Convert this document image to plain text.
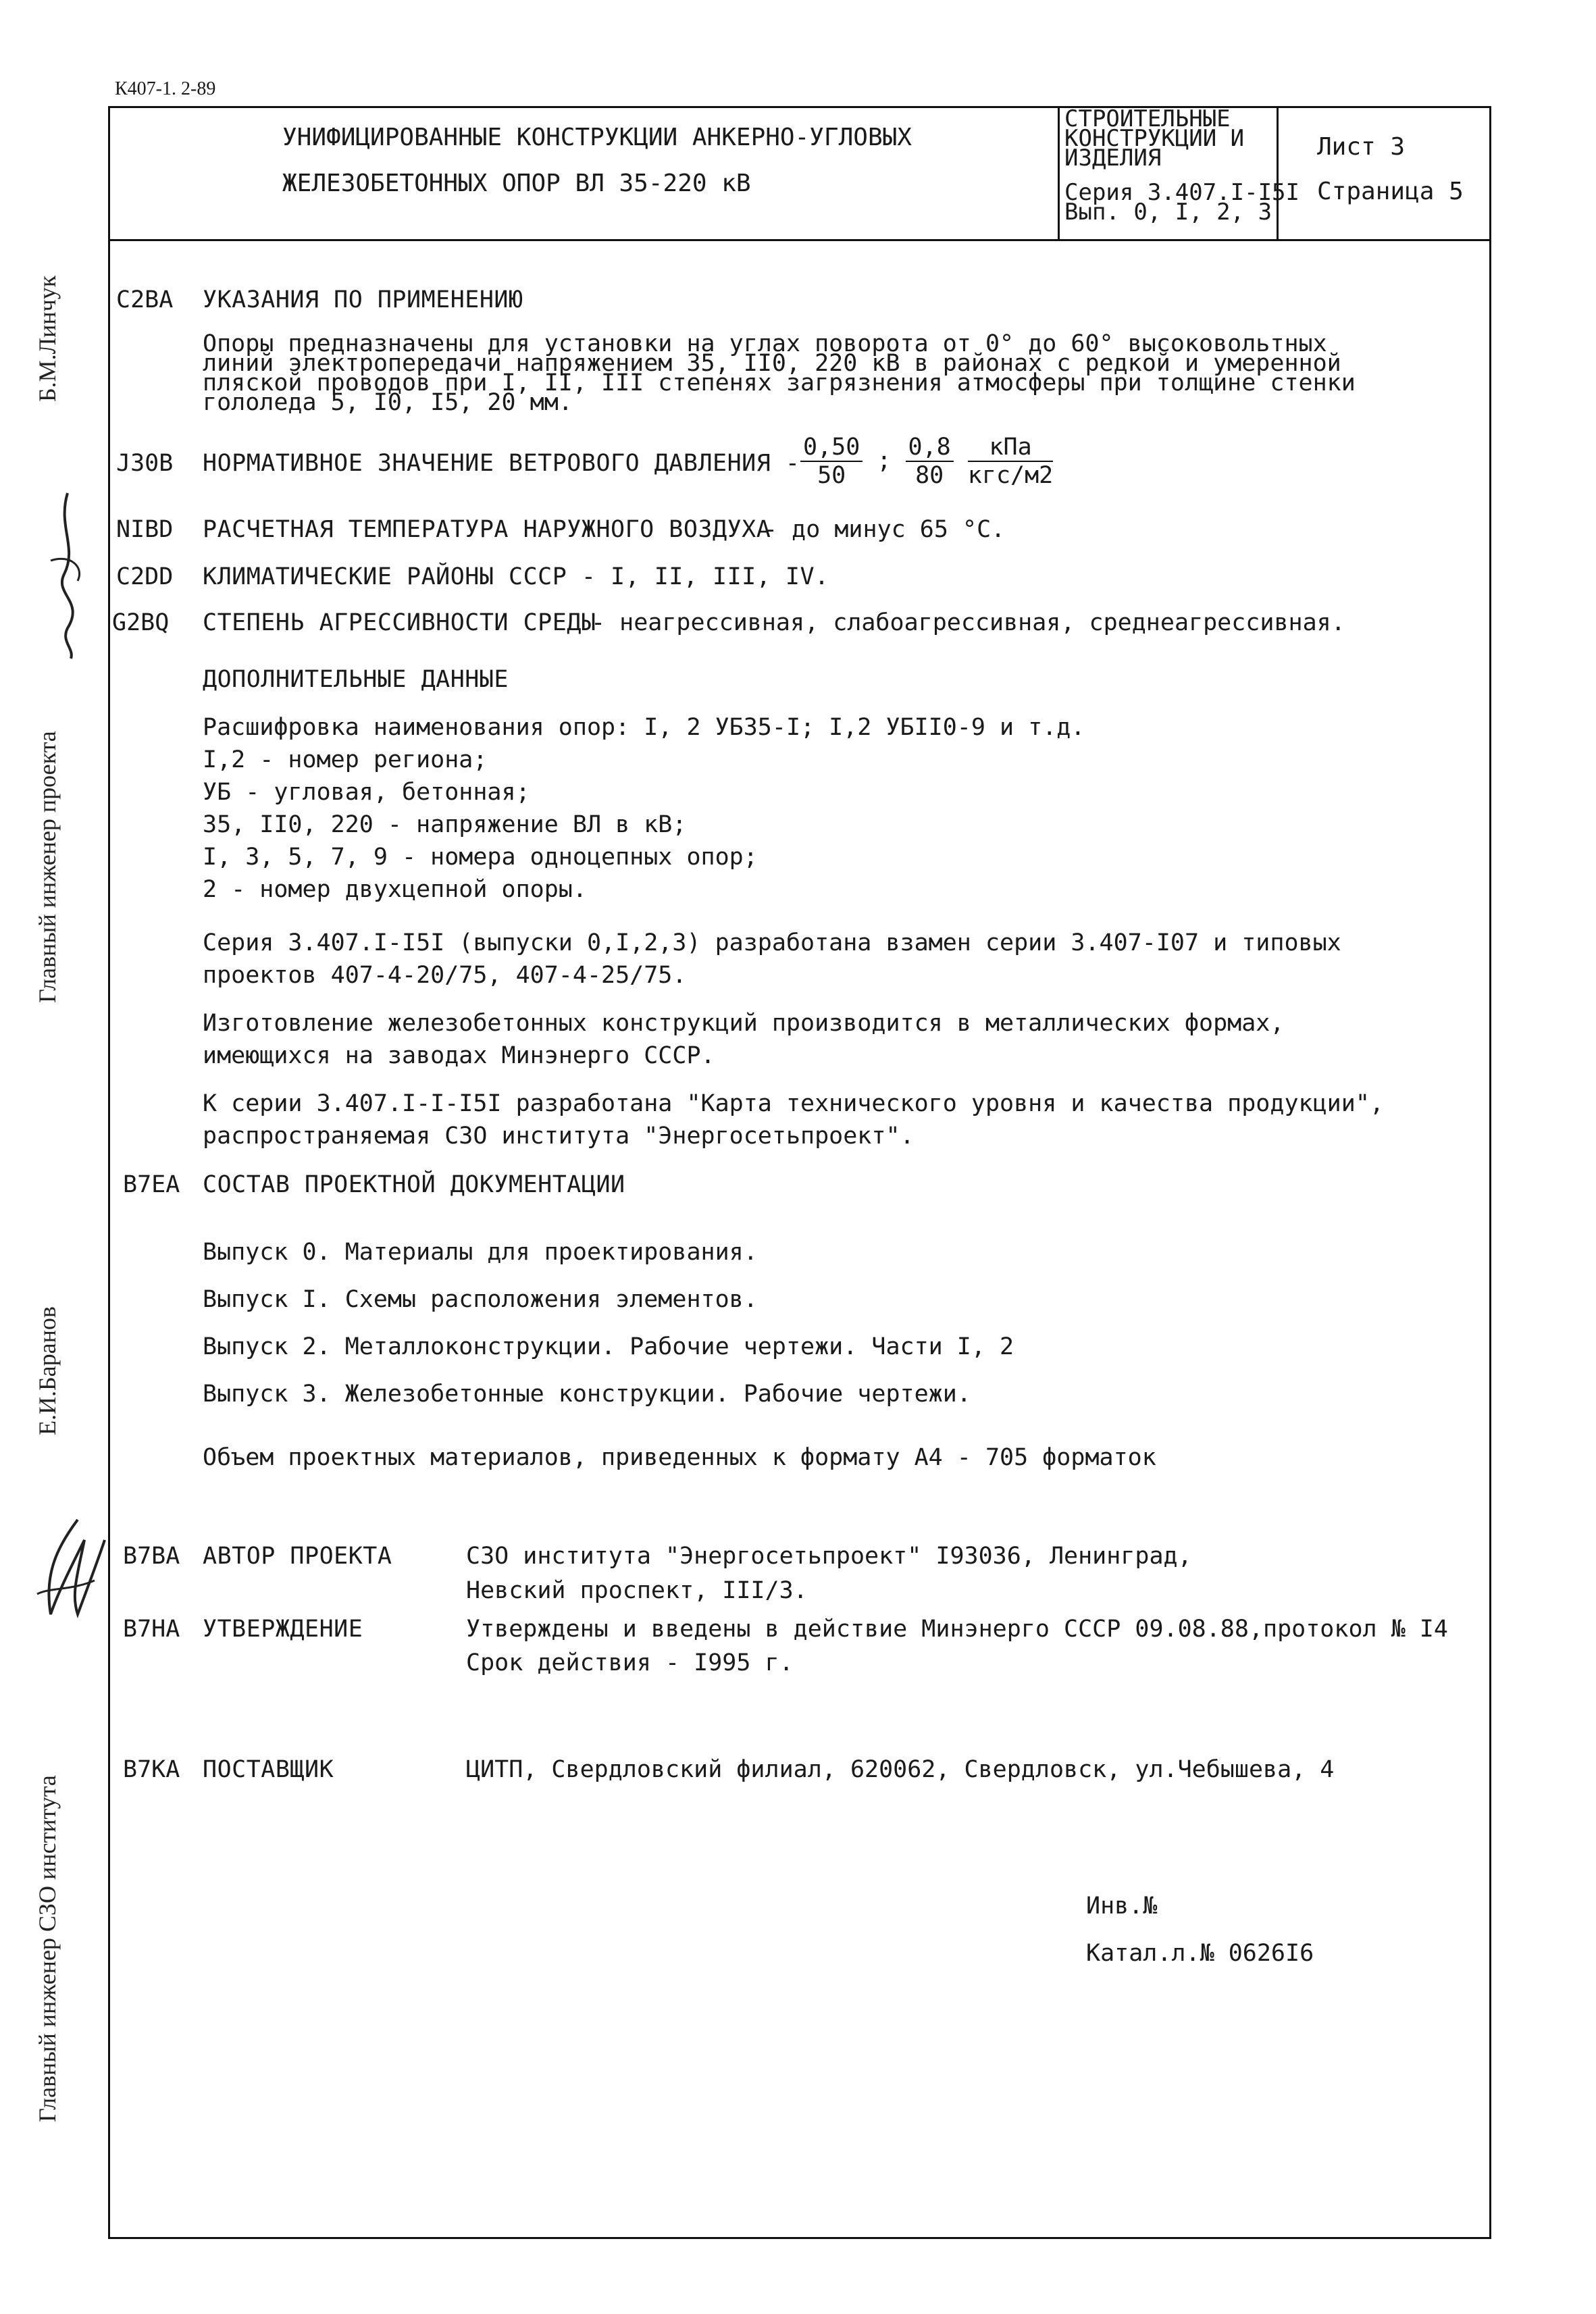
К407-1. 2-89
УНИФИЦИРОВАННЫЕ КОНСТРУКЦИИ АНКЕРНО-УГЛОВЫХ
ЖЕЛЕЗОБЕТОННЫХ ОПОР ВЛ 35-220 кВ
СТРОИТЕЛЬНЫЕ
КОНСТРУКЦИИ И
ИЗДЕЛИЯ
Серия 3.407.I-I5I
Вып. 0, I, 2, 3
Лист 3
Страница 5
С2ВА УКАЗАНИЯ ПО ПРИМЕНЕНИЮ
Опоры предназначены для установки на углах поворота от 0° до 60° высоковольтных
линий электропередачи напряжением 35, II0, 220 кВ в районах с редкой и умеренной
пляской проводов при I, II, III степенях загрязнения атмосферы при толщине стенки
гололеда 5, I0, I5, 20 мм.
Ј30В НОРМАТИВНОЕ ЗНАЧЕНИЕ ВЕТРОВОГО ДАВЛЕНИЯ - $\frac{0,50}{50}$ ; $\frac{0,8}{80}$
$\frac{\text{кПа}}{\text{кгс/м2}}$
NIВD РАСЧЕТНАЯ ТЕМПЕРАТУРА НАРУЖНОГО ВОЗДУХА
- до минус 65 °С.
С2DD КЛИМАТИЧЕСКИЕ РАЙОНЫ СССР - I, II, III, IV.
G2ВQ СТЕПЕНЬ АГРЕССИВНОСТИ СРЕДЫ
- неагрессивная, слабоагрессивная, среднеагрессивная.
ДОПОЛНИТЕЛЬНЫЕ ДАННЫЕ
Расшифровка наименования опор: I, 2 УБ35-I; I,2 УБII0-9 и т.д.
I,2 - номер региона;
УБ - угловая, бетонная;
35, II0, 220 - напряжение ВЛ в кВ;
I, 3, 5, 7, 9 - номера одноцепных опор;
2 - номер двухцепной опоры.
Серия 3.407.I-I5I (выпуски 0,I,2,3) разработана взамен серии 3.407-I07 и типовых
проектов 407-4-20/75, 407-4-25/75.
Изготовление железобетонных конструкций производится в металлических формах,
имеющихся на заводах Минэнерго СССР.
К серии 3.407.I-I-I5I разработана "Карта технического уровня и качества продукции",
распространяемая СЗО института "Энергосетьпроект".
В7ЕА СОСТАВ ПРОЕКТНОЙ ДОКУМЕНТАЦИИ
Выпуск 0. Материалы для проектирования.
Выпуск I. Схемы расположения элементов.
Выпуск 2. Металлоконструкции. Рабочие чертежи. Части I, 2
Выпуск 3. Железобетонные конструкции. Рабочие чертежи.
Объем проектных материалов, приведенных к формату А4 - 705 форматок
В7ВА АВТОР ПРОЕКТА	СЗО института "Энергосетьпроект" I93036, Ленинград,
Невский проспект, III/3.
В7НА УТВЕРЖДЕНИЕ	Утверждены и введены в действие Минэнерго СССР 09.08.88,протокол № I4
Срок действия - I995 г.
В7КА ПОСТАВЩИК	ЦИТП, Свердловский филиал, 620062, Свердловск, ул.Чебышева, 4
Инв.№
Катал.л.№ 0626I6
Б.М.Линчук
Главный инженер проекта
Е.И.Баранов
Главный инженер СЗО института
